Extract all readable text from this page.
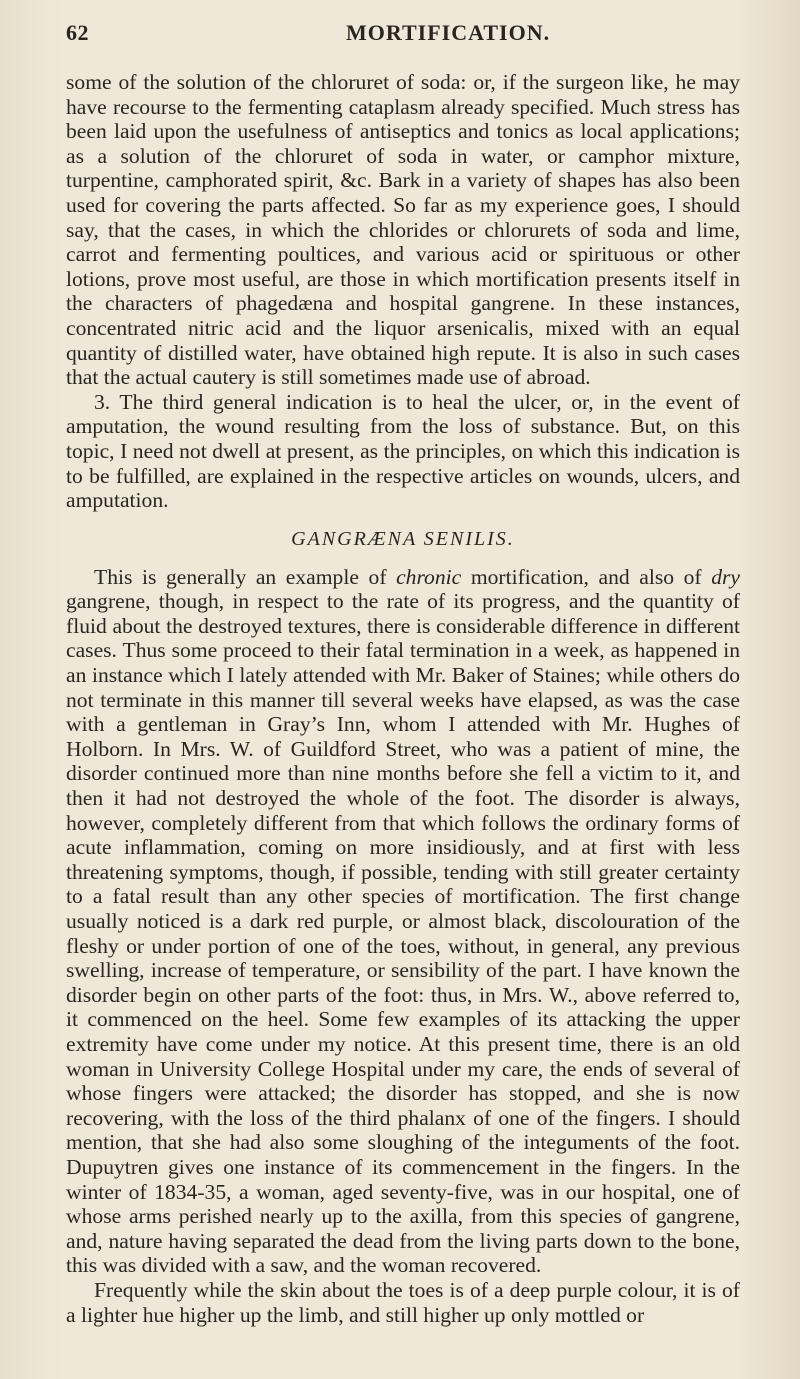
62	MORTIFICATION.

some of the solution of the chloruret of soda: or, if the surgeon like, he may have recourse to the fermenting cataplasm already specified. Much stress has been laid upon the usefulness of antiseptics and tonics as local applications; as a solution of the chloruret of soda in water, or camphor mixture, turpentine, camphorated spirit, &c. Bark in a variety of shapes has also been used for covering the parts affected. So far as my experience goes, I should say, that the cases, in which the chlorides or chlorurets of soda and lime, carrot and fermenting poultices, and various acid or spirituous or other lotions, prove most useful, are those in which mortification presents itself in the characters of phagedæna and hospital gangrene. In these instances, concentrated nitric acid and the liquor arsenicalis, mixed with an equal quantity of distilled water, have obtained high repute. It is also in such cases that the actual cautery is still sometimes made use of abroad.

3. The third general indication is to heal the ulcer, or, in the event of amputation, the wound resulting from the loss of substance. But, on this topic, I need not dwell at present, as the principles, on which this indication is to be fulfilled, are explained in the respective articles on wounds, ulcers, and amputation.

GANGRÆNA SENILIS.

This is generally an example of chronic mortification, and also of dry gangrene, though, in respect to the rate of its progress, and the quantity of fluid about the destroyed textures, there is considerable difference in different cases. Thus some proceed to their fatal termination in a week, as happened in an instance which I lately attended with Mr. Baker of Staines; while others do not terminate in this manner till several weeks have elapsed, as was the case with a gentleman in Gray’s Inn, whom I attended with Mr. Hughes of Holborn. In Mrs. W. of Guildford Street, who was a patient of mine, the disorder continued more than nine months before she fell a victim to it, and then it had not destroyed the whole of the foot. The disorder is always, however, completely different from that which follows the ordinary forms of acute inflammation, coming on more insidiously, and at first with less threatening symptoms, though, if possible, tending with still greater certainty to a fatal result than any other species of mortification. The first change usually noticed is a dark red purple, or almost black, discolouration of the fleshy or under portion of one of the toes, without, in general, any previous swelling, increase of temperature, or sensibility of the part. I have known the disorder begin on other parts of the foot: thus, in Mrs. W., above referred to, it commenced on the heel. Some few examples of its attacking the upper extremity have come under my notice. At this present time, there is an old woman in University College Hospital under my care, the ends of several of whose fingers were attacked; the disorder has stopped, and she is now recovering, with the loss of the third phalanx of one of the fingers. I should mention, that she had also some sloughing of the integuments of the foot. Dupuytren gives one instance of its commencement in the fingers. In the winter of 1834-35, a woman, aged seventy-five, was in our hospital, one of whose arms perished nearly up to the axilla, from this species of gangrene, and, nature having separated the dead from the living parts down to the bone, this was divided with a saw, and the woman recovered.

Frequently while the skin about the toes is of a deep purple colour, it is of a lighter hue higher up the limb, and still higher up only mottled or
